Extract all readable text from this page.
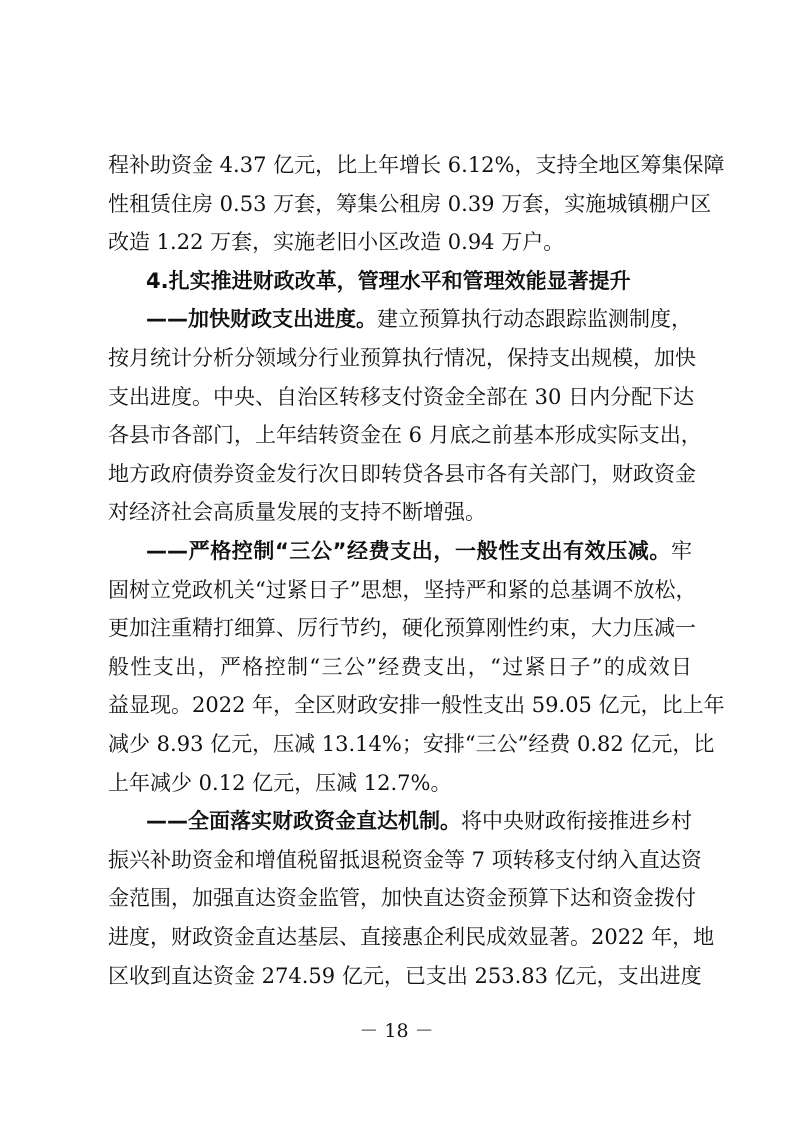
程补助资金 4.37 亿元，比上年增长 6.12%，支持全地区筹集保障
性租赁住房 0.53 万套，筹集公租房 0.39 万套，实施城镇棚户区
改造 1.22 万套，实施老旧小区改造 0.94 万户。
4.扎实推进财政改革，管理水平和管理效能显著提升
——加快财政支出进度。建立预算执行动态跟踪监测制度，
按月统计分析分领域分行业预算执行情况，保持支出规模，加快
支出进度。中央、自治区转移支付资金全部在 30 日内分配下达
各县市各部门，上年结转资金在 6 月底之前基本形成实际支出，
地方政府债券资金发行次日即转贷各县市各有关部门，财政资金
对经济社会高质量发展的支持不断增强。
——严格控制“三公”经费支出，一般性支出有效压减。牢
固树立党政机关“过紧日子”思想，坚持严和紧的总基调不放松，
更加注重精打细算、厉行节约，硬化预算刚性约束，大力压减一
般性支出，严格控制“三公”经费支出，“过紧日子”的成效日
益显现。2022 年，全区财政安排一般性支出 59.05 亿元，比上年
减少 8.93 亿元，压减 13.14%；安排“三公”经费 0.82 亿元，比
上年减少 0.12 亿元，压减 12.7%。
——全面落实财政资金直达机制。将中央财政衔接推进乡村
振兴补助资金和增值税留抵退税资金等 7 项转移支付纳入直达资
金范围，加强直达资金监管，加快直达资金预算下达和资金拨付
－ 18 －
进度，财政资金直达基层、直接惠企利民成效显著。2022 年，地
区收到直达资金 274.59 亿元，已支出 253.83 亿元，支出进度
